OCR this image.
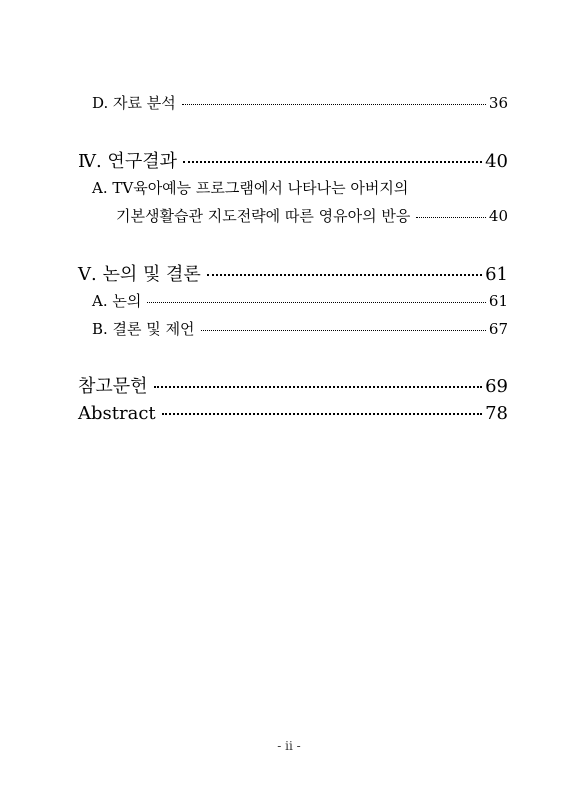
D. 자료 분석	36
Ⅳ. 연구결과	40
A. TV육아예능 프로그램에서 나타나는 아버지의
기본생활습관 지도전략에 따른 영유아의 반응	40
Ⅴ. 논의 및 결론	61
A. 논의	61
B. 결론 및 제언	67
참고문헌	69
Abstract	78
- ii -
